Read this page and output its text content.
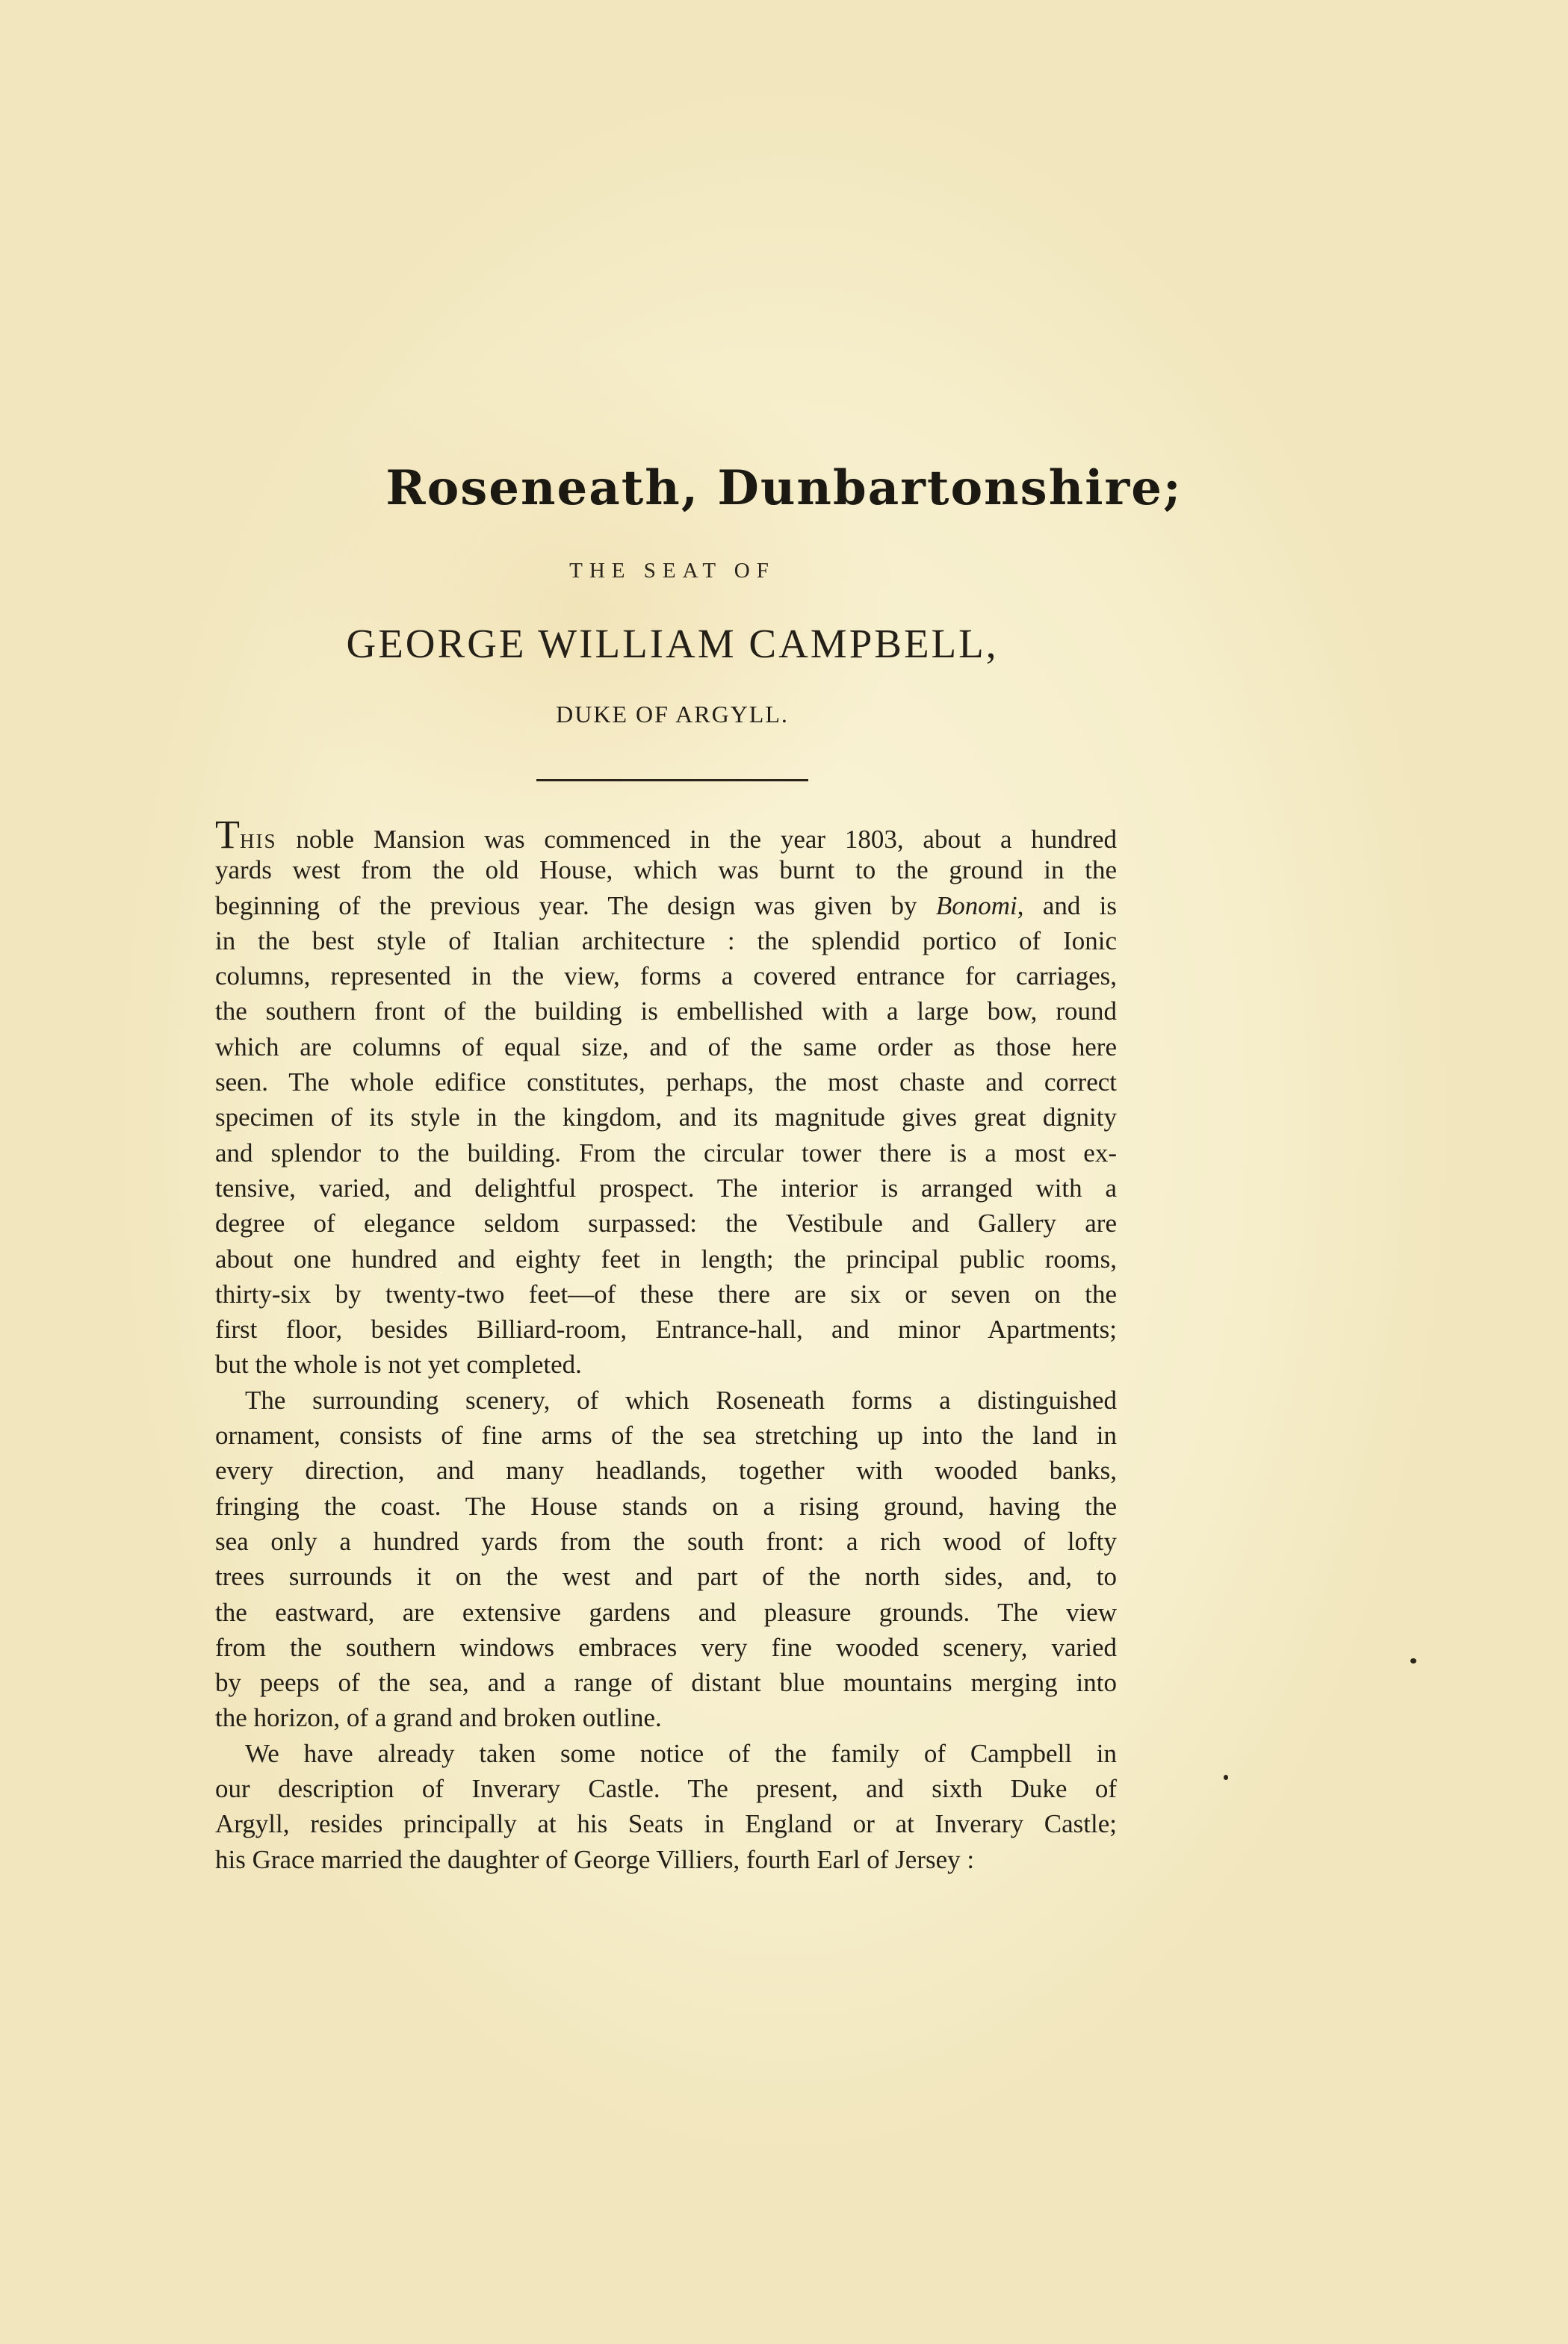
Roseneath, Dunbartonshire;
THE SEAT OF
GEORGE WILLIAM CAMPBELL,
DUKE OF ARGYLL.
THIS noble Mansion was commenced in the year 1803, about a hundred
yards west from the old House, which was burnt to the ground in the
beginning of the previous year. The design was given by Bonomi, and is
in the best style of Italian architecture : the splendid portico of Ionic
columns, represented in the view, forms a covered entrance for carriages,
the southern front of the building is embellished with a large bow, round
which are columns of equal size, and of the same order as those here
seen. The whole edifice constitutes, perhaps, the most chaste and correct
specimen of its style in the kingdom, and its magnitude gives great dignity
and splendor to the building. From the circular tower there is a most ex-
tensive, varied, and delightful prospect. The interior is arranged with a
degree of elegance seldom surpassed: the Vestibule and Gallery are
about one hundred and eighty feet in length; the principal public rooms,
thirty-six by twenty-two feet—of these there are six or seven on the
first floor, besides Billiard-room, Entrance-hall, and minor Apartments;
but the whole is not yet completed.
The surrounding scenery, of which Roseneath forms a distinguished
ornament, consists of fine arms of the sea stretching up into the land in
every direction, and many headlands, together with wooded banks,
fringing the coast. The House stands on a rising ground, having the
sea only a hundred yards from the south front: a rich wood of lofty
trees surrounds it on the west and part of the north sides, and, to
the eastward, are extensive gardens and pleasure grounds. The view
from the southern windows embraces very fine wooded scenery, varied
by peeps of the sea, and a range of distant blue mountains merging into
the horizon, of a grand and broken outline.
We have already taken some notice of the family of Campbell in
our description of Inverary Castle. The present, and sixth Duke of
Argyll, resides principally at his Seats in England or at Inverary Castle;
his Grace married the daughter of George Villiers, fourth Earl of Jersey :
